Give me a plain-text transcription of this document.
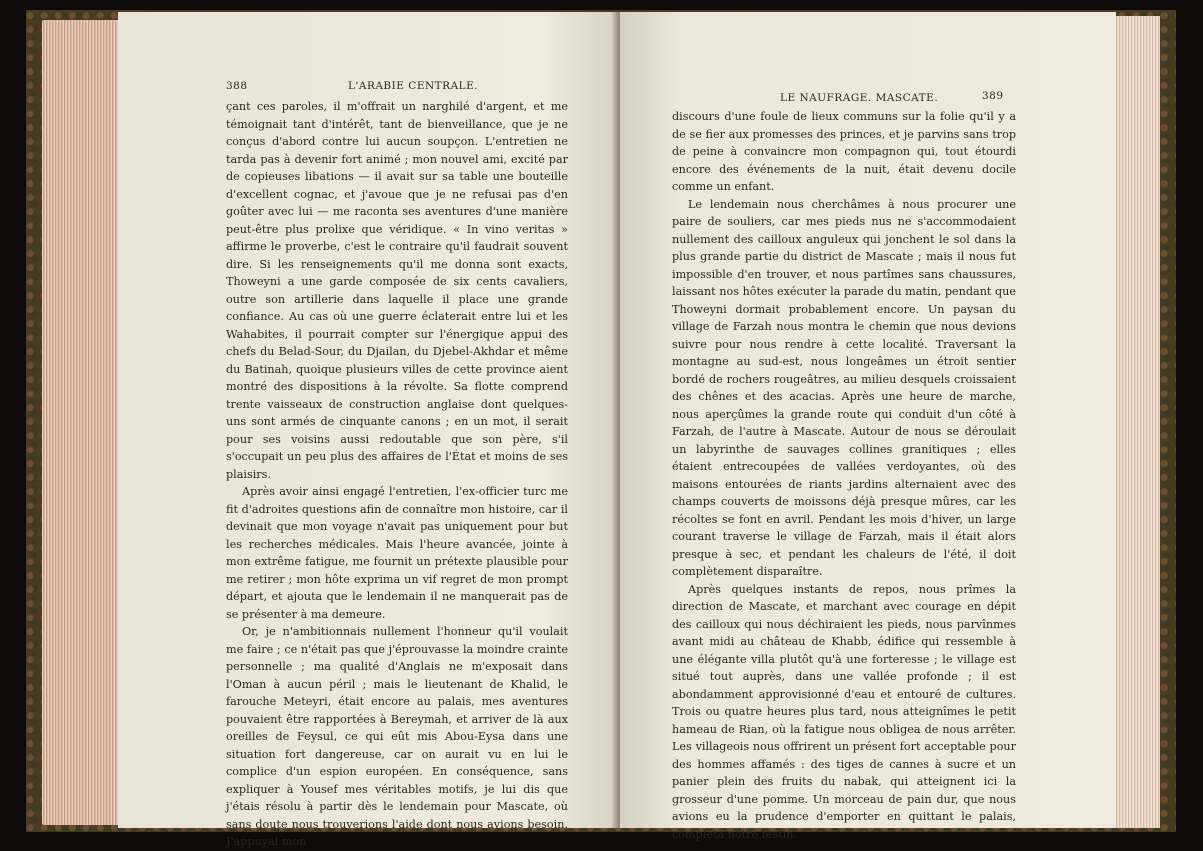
388	L'ARABIE CENTRALE.

çant ces paroles, il m'offrait un narghilé d'argent, et me témoignait tant d'intérêt, tant de bienveillance, que je ne conçus d'abord contre lui aucun soupçon. L'entretien ne tarda pas à devenir fort animé ; mon nouvel ami, excité par de copieuses libations — il avait sur sa table une bouteille d'excellent cognac, et j'avoue que je ne refusai pas d'en goûter avec lui — me raconta ses aventures d'une manière peut-être plus prolixe que véridique. « In vino veritas » affirme le proverbe, c'est le contraire qu'il faudrait souvent dire. Si les renseignements qu'il me donna sont exacts, Thoweyni a une garde composée de six cents cavaliers, outre son artillerie dans laquelle il place une grande confiance. Au cas où une guerre éclaterait entre lui et les Wahabites, il pourrait compter sur l'énergique appui des chefs du Belad-Sour, du Djailan, du Djebel-Akhdar et même du Batinah, quoique plusieurs villes de cette province aient montré des dispositions à la révolte. Sa flotte comprend trente vaisseaux de construction anglaise dont quelques-uns sont armés de cinquante canons ; en un mot, il serait pour ses voisins aussi redoutable que son père, s'il s'occupait un peu plus des affaires de l'État et moins de ses plaisirs.

Après avoir ainsi engagé l'entretien, l'ex-officier turc me fit d'adroites questions afin de connaître mon histoire, car il devinait que mon voyage n'avait pas uniquement pour but les recherches médicales. Mais l'heure avancée, jointe à mon extrême fatigue, me fournit un prétexte plausible pour me retirer ; mon hôte exprima un vif regret de mon prompt départ, et ajouta que le lendemain il ne manquerait pas de se présenter à ma demeure.

Or, je n'ambitionnais nullement l'honneur qu'il voulait me faire ; ce n'était pas que j'éprouvasse la moindre crainte personnelle ; ma qualité d'Anglais ne m'exposait dans l'Oman à aucun péril ; mais le lieutenant de Khalid, le farouche Meteyri, était encore au palais, mes aventures pouvaient être rapportées à Bereymah, et arriver de là aux oreilles de Feysul, ce qui eût mis Abou-Eysa dans une situation fort dangereuse, car on aurait vu en lui le complice d'un espion européen. En conséquence, sans expliquer à Yousef mes véritables motifs, je lui dis que j'étais résolu à partir dès le lendemain pour Mascate, où sans doute nous trouverions l'aide dont nous avions besoin. J'appuyai mon

LE NAUFRAGE. MASCATE.	389

discours d'une foule de lieux communs sur la folie qu'il y a de se fier aux promesses des princes, et je parvins sans trop de peine à convaincre mon compagnon qui, tout étourdi encore des événements de la nuit, était devenu docile comme un enfant.

Le lendemain nous cherchâmes à nous procurer une paire de souliers, car mes pieds nus ne s'accommodaient nullement des cailloux anguleux qui jonchent le sol dans la plus grande partie du district de Mascate ; mais il nous fut impossible d'en trouver, et nous partîmes sans chaussures, laissant nos hôtes exécuter la parade du matin, pendant que Thoweyni dormait probablement encore. Un paysan du village de Farzah nous montra le chemin que nous devions suivre pour nous rendre à cette localité. Traversant la montagne au sud-est, nous longeâmes un étroit sentier bordé de rochers rougeâtres, au milieu desquels croissaient des chênes et des acacias. Après une heure de marche, nous aperçûmes la grande route qui conduit d'un côté à Farzah, de l'autre à Mascate. Autour de nous se déroulait un labyrinthe de sauvages collines granitiques ; elles étaient entrecoupées de vallées verdoyantes, où des maisons entourées de riants jardins alternaient avec des champs couverts de moissons déjà presque mûres, car les récoltes se font en avril. Pendant les mois d'hiver, un large courant traverse le village de Farzah, mais il était alors presque à sec, et pendant les chaleurs de l'été, il doit complètement disparaître.

Après quelques instants de repos, nous prîmes la direction de Mascate, et marchant avec courage en dépit des cailloux qui nous déchiraient les pieds, nous parvînmes avant midi au château de Khabb, édifice qui ressemble à une élégante villa plutôt qu'à une forteresse ; le village est situé tout auprès, dans une vallée profonde ; il est abondamment approvisionné d'eau et entouré de cultures. Trois ou quatre heures plus tard, nous atteignîmes le petit hameau de Rian, où la fatigue nous obligea de nous arrêter. Les villageois nous offrirent un présent fort acceptable pour des hommes affamés : des tiges de cannes à sucre et un panier plein des fruits du nabak, qui atteignent ici la grosseur d'une pomme. Un morceau de pain dur, que nous avions eu la prudence d'emporter en quittant le palais, compléta notre festin.
